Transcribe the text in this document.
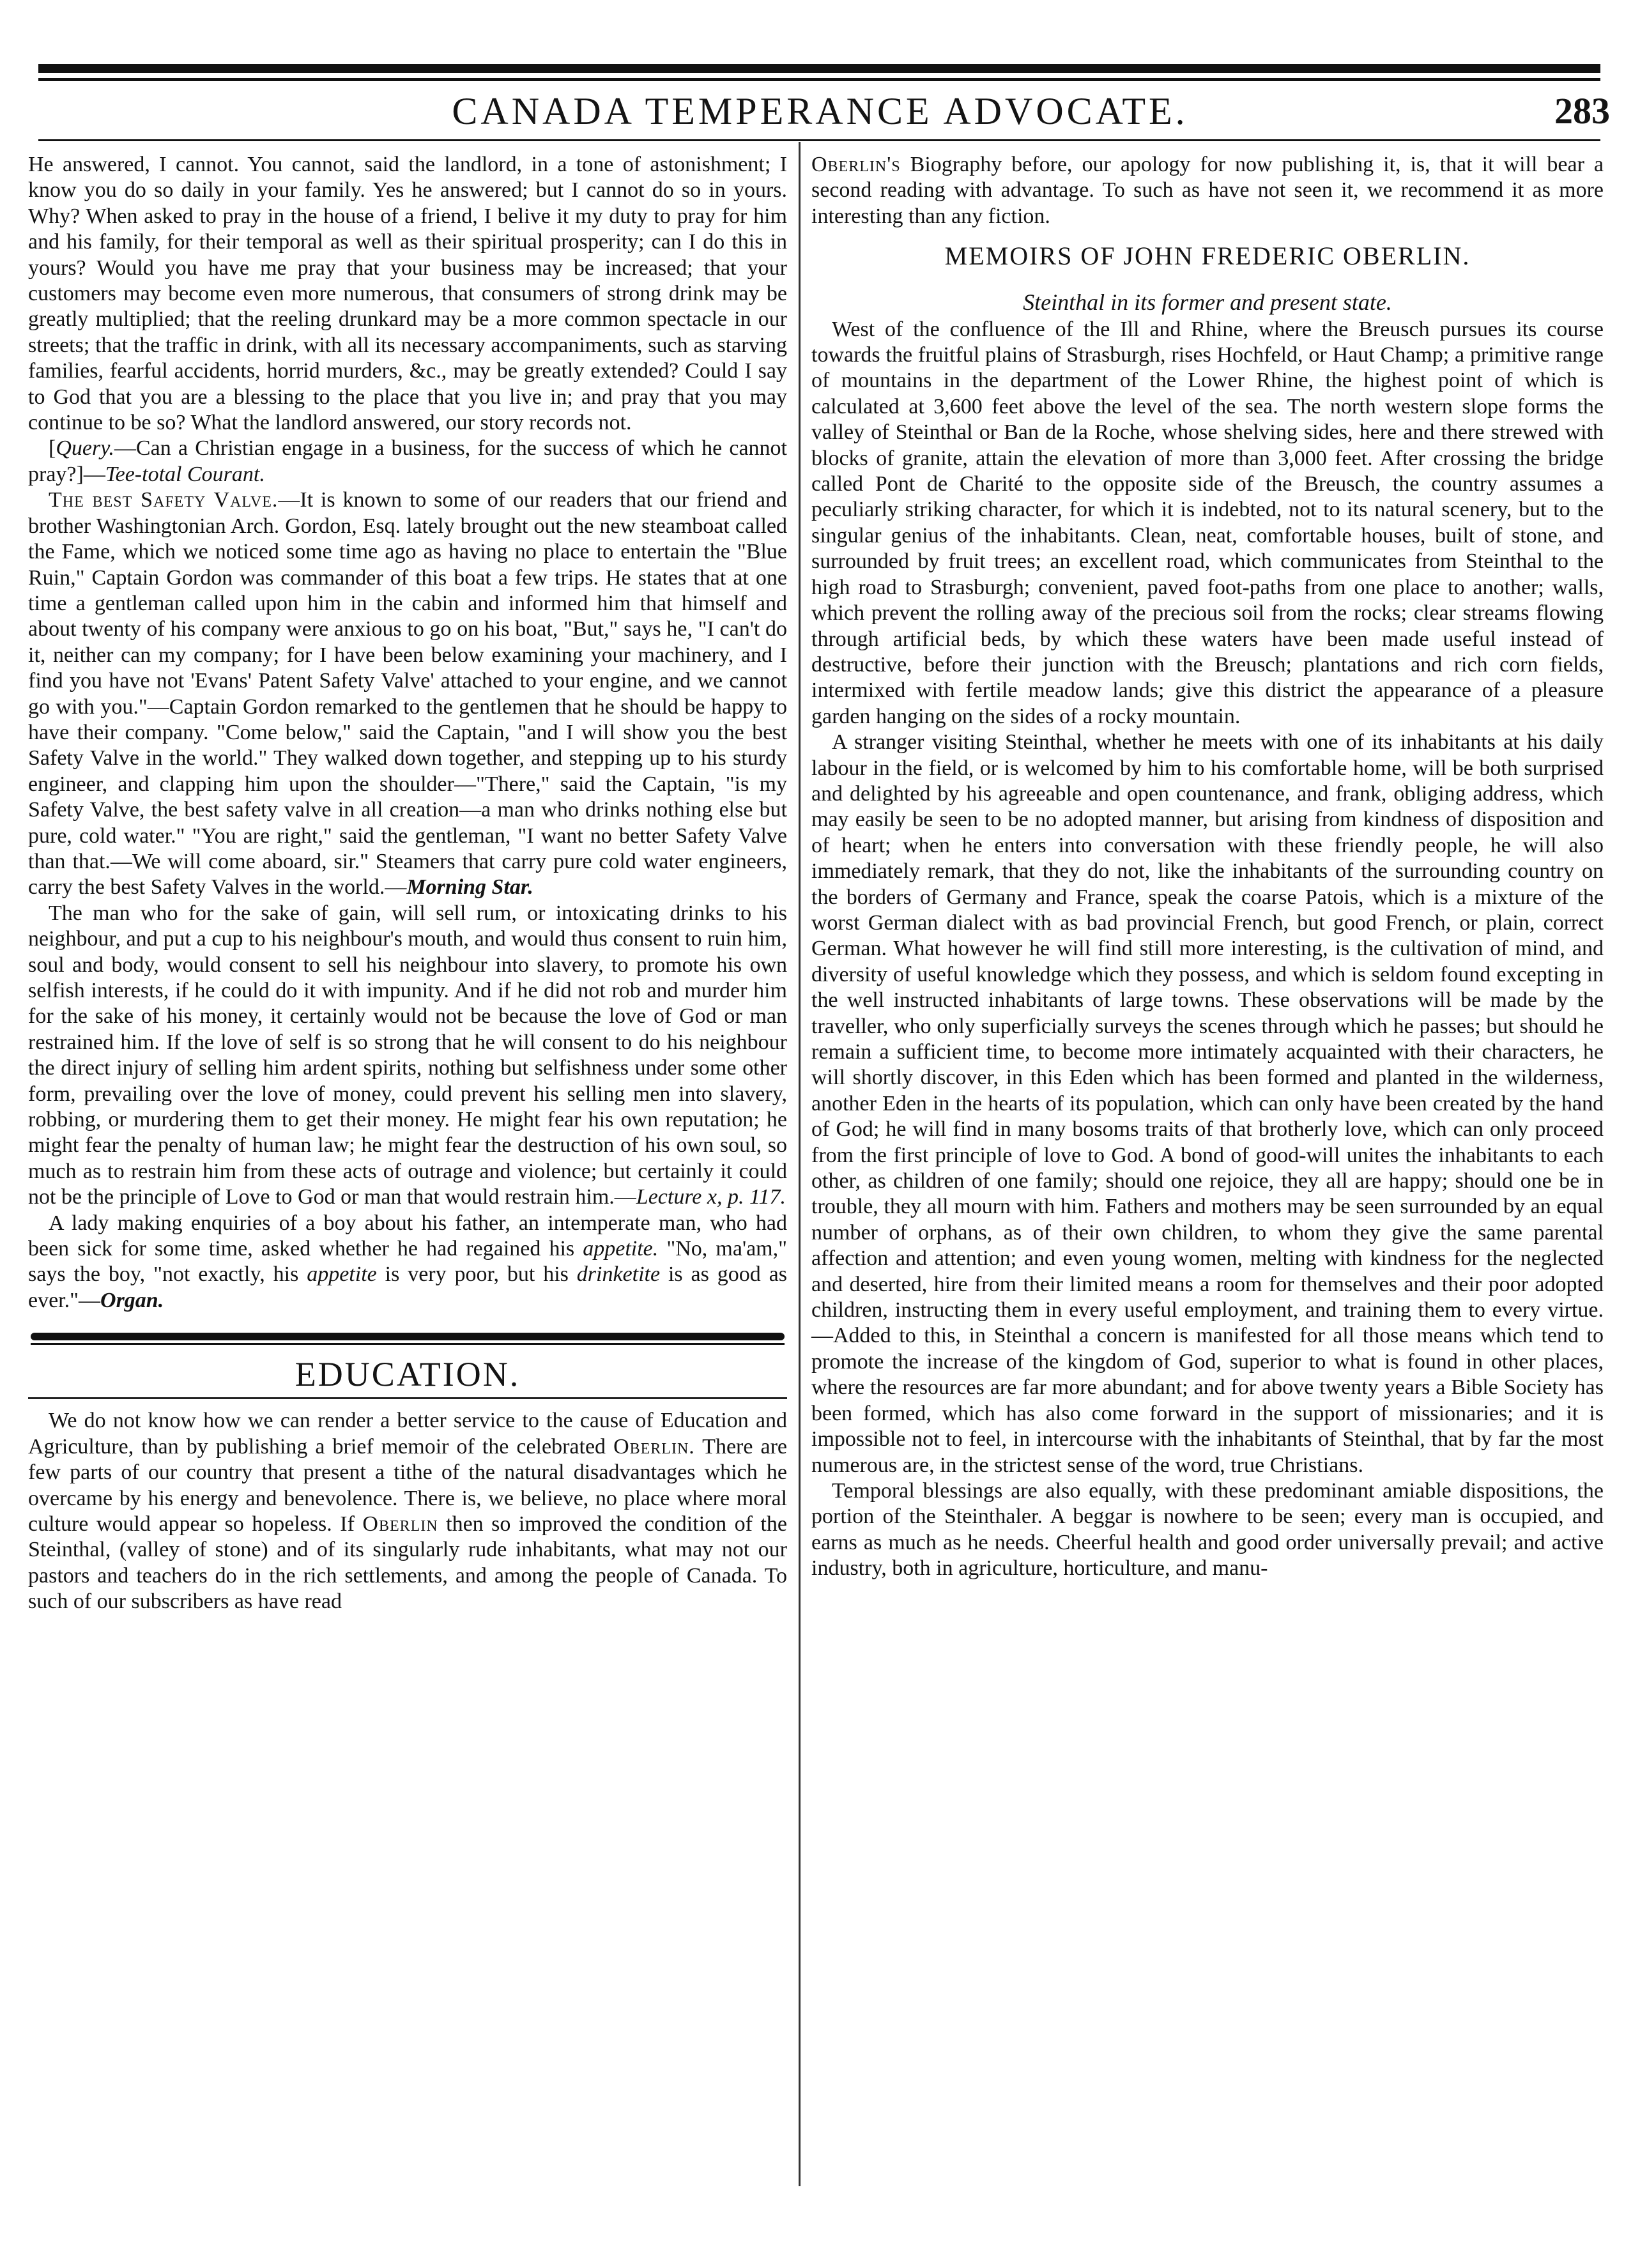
CANADA TEMPERANCE ADVOCATE.	283

He answered, I cannot. You cannot, said the landlord, in a tone of astonishment; I know you do so daily in your family. Yes he answered; but I cannot do so in yours. Why? When asked to pray in the house of a friend, I belive it my duty to pray for him and his family, for their temporal as well as their spiritual prosperity; can I do this in yours? Would you have me pray that your business may be increased; that your customers may become even more numerous, that consumers of strong drink may be greatly multiplied; that the reeling drunkard may be a more common spectacle in our streets; that the traffic in drink, with all its necessary accompaniments, such as starving families, fearful accidents, horrid murders, &c., may be greatly extended? Could I say to God that you are a blessing to the place that you live in; and pray that you may continue to be so? What the landlord answered, our story records not.

[Query.—Can a Christian engage in a business, for the success of which he cannot pray?]—Tee-total Courant.

The best Safety Valve.—It is known to some of our readers that our friend and brother Washingtonian Arch. Gordon, Esq. lately brought out the new steamboat called the Fame, which we noticed some time ago as having no place to entertain the "Blue Ruin," Captain Gordon was commander of this boat a few trips. He states that at one time a gentleman called upon him in the cabin and informed him that himself and about twenty of his company were anxious to go on his boat, "But," says he, "I can't do it, neither can my company; for I have been below examining your machinery, and I find you have not 'Evans' Patent Safety Valve' attached to your engine, and we cannot go with you."—Captain Gordon remarked to the gentlemen that he should be happy to have their company. "Come below," said the Captain, "and I will show you the best Safety Valve in the world." They walked down together, and stepping up to his sturdy engineer, and clapping him upon the shoulder—"There," said the Captain, "is my Safety Valve, the best safety valve in all creation—a man who drinks nothing else but pure, cold water." "You are right," said the gentleman, "I want no better Safety Valve than that.—We will come aboard, sir." Steamers that carry pure cold water engineers, carry the best Safety Valves in the world.—Morning Star.

The man who for the sake of gain, will sell rum, or intoxicating drinks to his neighbour, and put a cup to his neighbour's mouth, and would thus consent to ruin him, soul and body, would consent to sell his neighbour into slavery, to promote his own selfish interests, if he could do it with impunity. And if he did not rob and murder him for the sake of his money, it certainly would not be because the love of God or man restrained him. If the love of self is so strong that he will consent to do his neighbour the direct injury of selling him ardent spirits, nothing but selfishness under some other form, prevailing over the love of money, could prevent his selling men into slavery, robbing, or murdering them to get their money. He might fear his own reputation; he might fear the penalty of human law; he might fear the destruction of his own soul, so much as to restrain him from these acts of outrage and violence; but certainly it could not be the principle of Love to God or man that would restrain him.—Lecture x, p. 117.

A lady making enquiries of a boy about his father, an intemperate man, who had been sick for some time, asked whether he had regained his appetite. "No, ma'am," says the boy, "not exactly, his appetite is very poor, but his drinketite is as good as ever."—Organ.

EDUCATION.

We do not know how we can render a better service to the cause of Education and Agriculture, than by publishing a brief memoir of the celebrated Oberlin. There are few parts of our country that present a tithe of the natural disadvantages which he overcame by his energy and benevolence. There is, we believe, no place where moral culture would appear so hopeless. If Oberlin then so improved the condition of the Steinthal, (valley of stone) and of its singularly rude inhabitants, what may not our pastors and teachers do in the rich settlements, and among the people of Canada. To such of our subscribers as have read

Oberlin's Biography before, our apology for now publishing it, is, that it will bear a second reading with advantage. To such as have not seen it, we recommend it as more interesting than any fiction.

MEMOIRS OF JOHN FREDERIC OBERLIN.
Steinthal in its former and present state.

West of the confluence of the Ill and Rhine, where the Breusch pursues its course towards the fruitful plains of Strasburgh, rises Hochfeld, or Haut Champ; a primitive range of mountains in the department of the Lower Rhine, the highest point of which is calculated at 3,600 feet above the level of the sea. The north western slope forms the valley of Steinthal or Ban de la Roche, whose shelving sides, here and there strewed with blocks of granite, attain the elevation of more than 3,000 feet. After crossing the bridge called Pont de Charité to the opposite side of the Breusch, the country assumes a peculiarly striking character, for which it is indebted, not to its natural scenery, but to the singular genius of the inhabitants. Clean, neat, comfortable houses, built of stone, and surrounded by fruit trees; an excellent road, which communicates from Steinthal to the high road to Strasburgh; convenient, paved foot-paths from one place to another; walls, which prevent the rolling away of the precious soil from the rocks; clear streams flowing through artificial beds, by which these waters have been made useful instead of destructive, before their junction with the Breusch; plantations and rich corn fields, intermixed with fertile meadow lands; give this district the appearance of a pleasure garden hanging on the sides of a rocky mountain.

A stranger visiting Steinthal, whether he meets with one of its inhabitants at his daily labour in the field, or is welcomed by him to his comfortable home, will be both surprised and delighted by his agreeable and open countenance, and frank, obliging address, which may easily be seen to be no adopted manner, but arising from kindness of disposition and of heart; when he enters into conversation with these friendly people, he will also immediately remark, that they do not, like the inhabitants of the surrounding country on the borders of Germany and France, speak the coarse Patois, which is a mixture of the worst German dialect with as bad provincial French, but good French, or plain, correct German. What however he will find still more interesting, is the cultivation of mind, and diversity of useful knowledge which they possess, and which is seldom found excepting in the well instructed inhabitants of large towns. These observations will be made by the traveller, who only superficially surveys the scenes through which he passes; but should he remain a sufficient time, to become more intimately acquainted with their characters, he will shortly discover, in this Eden which has been formed and planted in the wilderness, another Eden in the hearts of its population, which can only have been created by the hand of God; he will find in many bosoms traits of that brotherly love, which can only proceed from the first principle of love to God. A bond of good-will unites the inhabitants to each other, as children of one family; should one rejoice, they all are happy; should one be in trouble, they all mourn with him. Fathers and mothers may be seen surrounded by an equal number of orphans, as of their own children, to whom they give the same parental affection and attention; and even young women, melting with kindness for the neglected and deserted, hire from their limited means a room for themselves and their poor adopted children, instructing them in every useful employment, and training them to every virtue.—Added to this, in Steinthal a concern is manifested for all those means which tend to promote the increase of the kingdom of God, superior to what is found in other places, where the resources are far more abundant; and for above twenty years a Bible Society has been formed, which has also come forward in the support of missionaries; and it is impossible not to feel, in intercourse with the inhabitants of Steinthal, that by far the most numerous are, in the strictest sense of the word, true Christians.

Temporal blessings are also equally, with these predominant amiable dispositions, the portion of the Steinthaler. A beggar is nowhere to be seen; every man is occupied, and earns as much as he needs. Cheerful health and good order universally prevail; and active industry, both in agriculture, horticulture, and manu-
